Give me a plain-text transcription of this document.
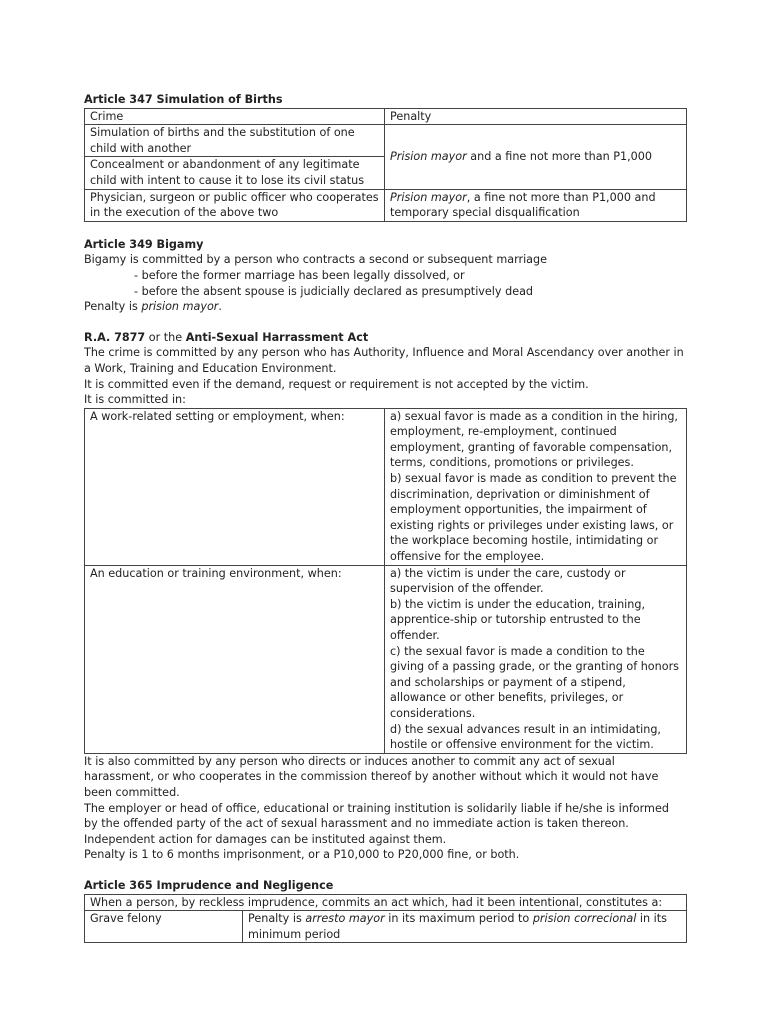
Article 347 Simulation of Births

Crime	Penalty
Simulation of births and the substitution of one child with another	Prision mayor and a fine not more than P1,000
Concealment or abandonment of any legitimate child with intent to cause it to lose its civil status	
Physician, surgeon or public officer who cooperates in the execution of the above two	Prision mayor, a fine not more than P1,000 and temporary special disqualification

Article 349 Bigamy

Bigamy is committed by a person who contracts a second or subsequent marriage

- before the former marriage has been legally dissolved, or

- before the absent spouse is judicially declared as presumptively dead

Penalty is prision mayor.

R.A. 7877 or the Anti-Sexual Harrassment Act

The crime is committed by any person who has Authority, Influence and Moral Ascendancy over another in a Work, Training and Education Environment.

It is committed even if the demand, request or requirement is not accepted by the victim.

It is committed in:

A work-related setting or employment, when:	a) sexual favor is made as a condition in the hiring, employment, re-employment, continued employment, granting of favorable compensation, terms, conditions, promotions or privileges.

b) sexual favor is made as condition to prevent the discrimination, deprivation or diminishment of employment opportunities, the impairment of existing rights or privileges under existing laws, or the workplace becoming hostile, intimidating or offensive for the employee.

An education or training environment, when:	a) the victim is under the care, custody or supervision of the offender.

b) the victim is under the education, training, apprentice-ship or tutorship entrusted to the offender.

c) the sexual favor is made a condition to the giving of a passing grade, or the granting of honors and scholarships or payment of a stipend, allowance or other benefits, privileges, or considerations.

d) the sexual advances result in an intimidating, hostile or offensive environment for the victim.

It is also committed by any person who directs or induces another to commit any act of sexual harassment, or who cooperates in the commission thereof by another without which it would not have been committed.

The employer or head of office, educational or training institution is solidarily liable if he/she is informed by the offended party of the act of sexual harassment and no immediate action is taken thereon. Independent action for damages can be instituted against them.

Penalty is 1 to 6 months imprisonment, or a P10,000 to P20,000 fine, or both.

Article 365 Imprudence and Negligence

When a person, by reckless imprudence, commits an act which, had it been intentional, constitutes a:
Grave felony	Penalty is arresto mayor in its maximum period to prision correcional in its minimum period
